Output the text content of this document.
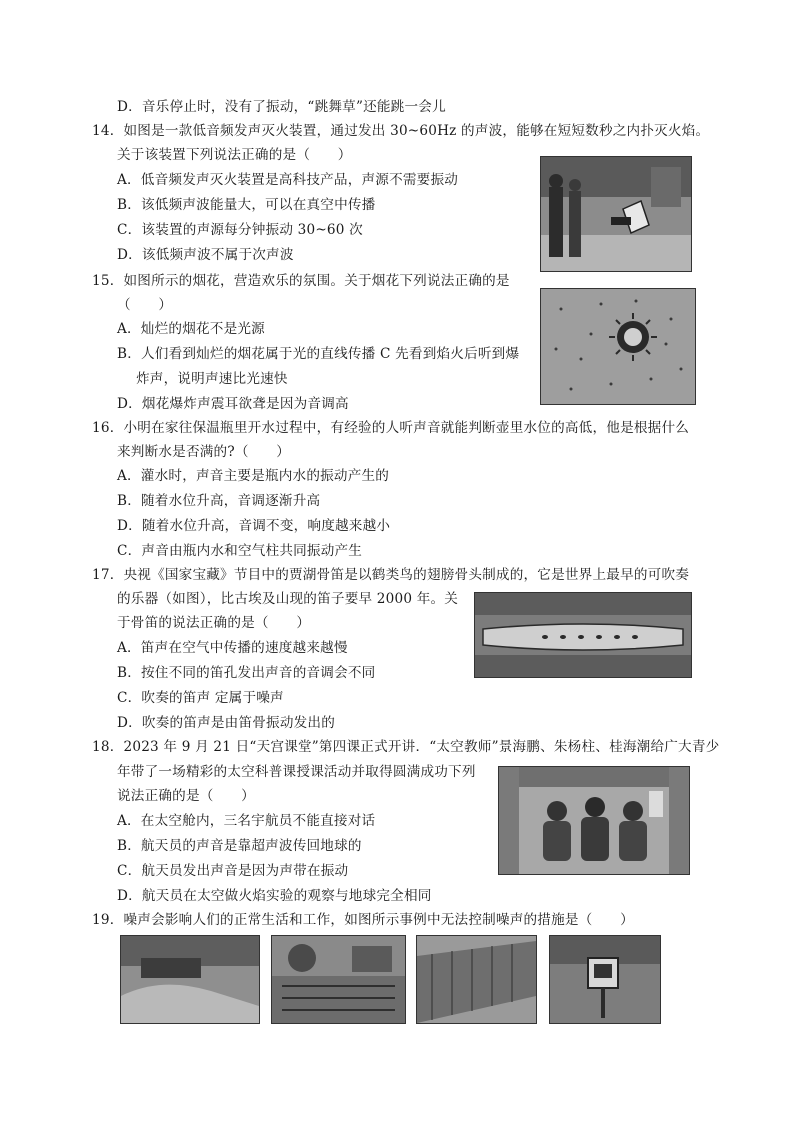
D．音乐停止时，没有了振动，“跳舞草”还能跳一会儿
14．如图是一款低音频发声灭火装置，通过发出 30~60Hz 的声波，能够在短短数秒之内扑灭火焰。
关于该装置下列说法正确的是（　　）
A．低音频发声灭火装置是高科技产品，声源不需要振动
B．该低频声波能量大，可以在真空中传播
C．该装置的声源每分钟振动 30~60 次
D．该低频声波不属于次声波
15．如图所示的烟花，营造欢乐的氛围。关于烟花下列说法正确的是
（　　）
A．灿烂的烟花不是光源
B．人们看到灿烂的烟花属于光的直线传播 C 先看到焰火后听到爆
炸声，说明声速比光速快
D．烟花爆炸声震耳欲聋是因为音调高
16．小明在家往保温瓶里开水过程中，有经验的人听声音就能判断壶里水位的高低，他是根据什么
来判断水是否满的?（　　）
A．灌水时，声音主要是瓶内水的振动产生的
B．随着水位升高，音调逐渐升高
D．随着水位升高，音调不变，响度越来越小
C．声音由瓶内水和空气柱共同振动产生
17．央视《国家宝藏》节目中的贾湖骨笛是以鹤类鸟的翅膀骨头制成的，它是世界上最早的可吹奏
的乐器（如图），比古埃及山现的笛子要早 2000 年。关
于骨笛的说法正确的是（　　）
A．笛声在空气中传播的速度越来越慢
B．按住不同的笛孔发出声音的音调会不同
C．吹奏的笛声 定属于噪声
D．吹奏的笛声是由笛骨振动发出的
18．2023 年 9 月 21 日“天宫课堂”第四课正式开讲．“太空教师”景海鹏、朱杨柱、桂海潮给广大青少
年带了一场精彩的太空科普课授课活动并取得圆满成功下列
说法正确的是（　　）
A．在太空舱内，三名宇航员不能直接对话
B．航天员的声音是靠超声波传回地球的
C．航天员发出声音是因为声带在振动
D．航天员在太空做火焰实验的观察与地球完全相同
19．噪声会影响人们的正常生活和工作，如图所示事例中无法控制噪声的措施是（　　）
